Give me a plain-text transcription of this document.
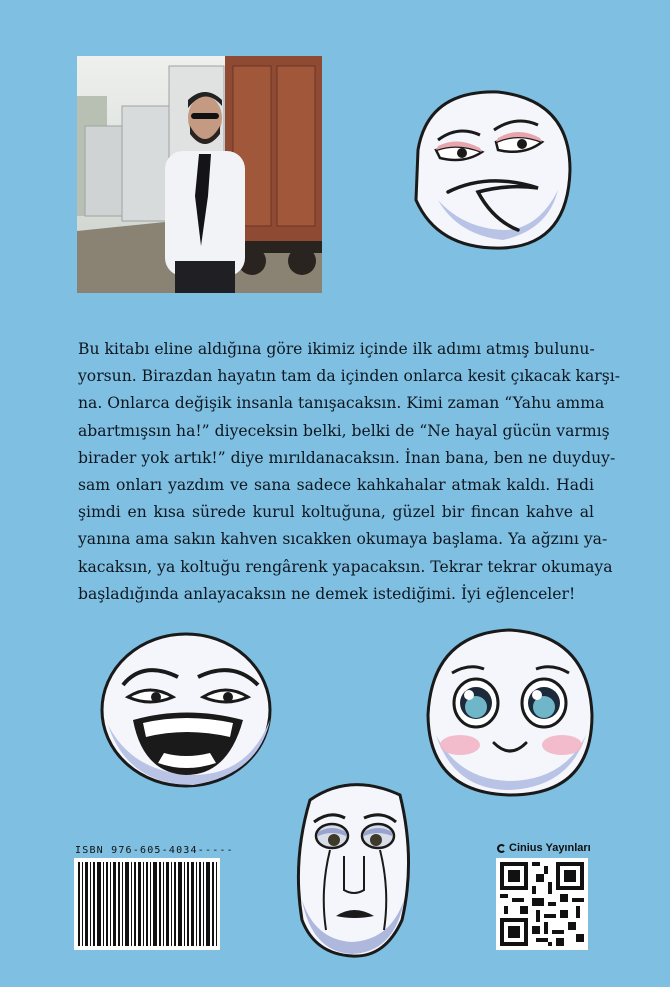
Bu kitabı eline aldığına göre ikimiz içinde ilk adımı atmış bulunu-
yorsun. Birazdan hayatın tam da içinden onlarca kesit çıkacak karşı-
na. Onlarca değişik insanla tanışacaksın. Kimi zaman “Yahu amma
abartmışsın ha!” diyeceksin belki, belki de “Ne hayal gücün varmış
birader yok artık!” diye mırıldanacaksın. İnan bana, ben ne duyduy-
sam onları yazdım ve sana sadece kahkahalar atmak kaldı. Hadi
şimdi en kısa sürede kurul koltuğuna, güzel bir fincan kahve al
yanına ama sakın kahven sıcakken okumaya başlama. Ya ağzını ya-
kacaksın, ya koltuğu rengârenk yapacaksın. Tekrar tekrar okumaya
başladığında anlayacaksın ne demek istediğimi. İyi eğlenceler!

ISBN 976-605-4034-----	Cinius Yayınları
